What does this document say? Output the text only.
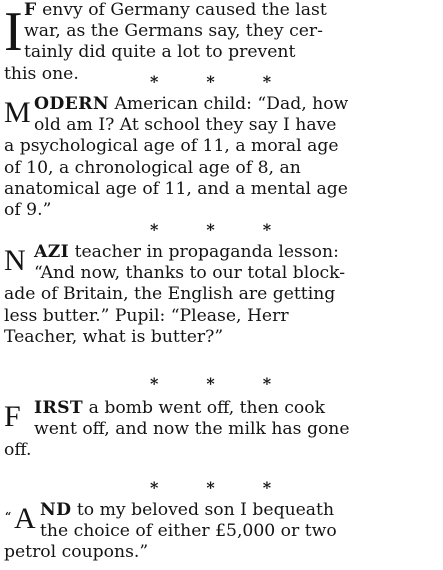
I F envy of Germany caused the last
war, as the Germans say, they cer-
tainly did quite a lot to prevent
this one.	*	*	*
M ODERN American child: “Dad, how
old am I? At school they say I have
a psychological age of 11, a moral age
of 10, a chronological age of 8, an
anatomical age of 11, and a mental age
of 9.”
*	*	*
N AZI teacher in propaganda lesson:
“And now, thanks to our total block-
ade of Britain, the English are getting
less butter.” Pupil: “Please, Herr
Teacher, what is butter?”
*	*	*
F IRST a bomb went off, then cook
went off, and now the milk has gone
off.
*	*	*
“ A ND to my beloved son I bequeath
the choice of either £5,000 or two
petrol coupons.”
